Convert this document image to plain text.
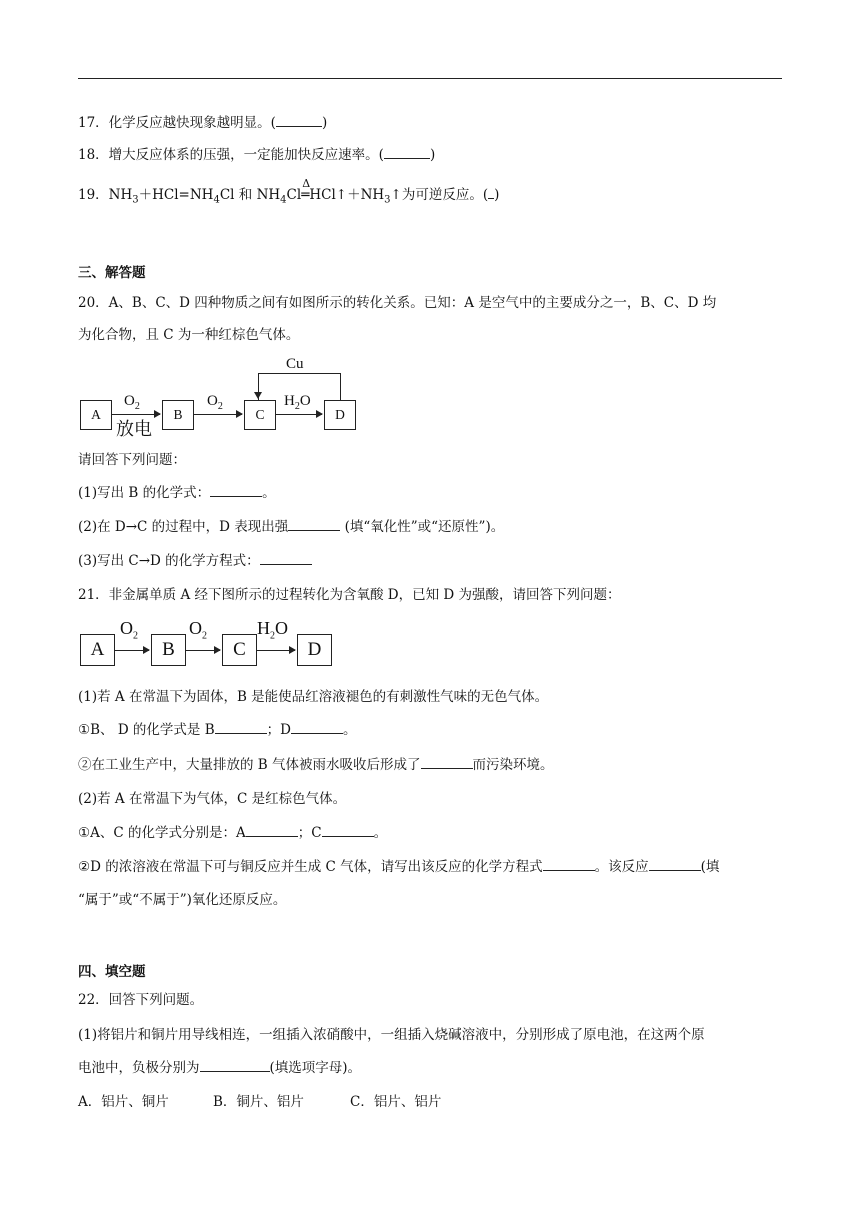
17．化学反应越快现象越明显。(	)
18．增大反应体系的压强，一定能加快反应速率。(	)
19．$NH_3+HCl=NH_4Cl$ 和 $NH_4Cl$
Δ
$═HCl↑+NH_3↑$为可逆反应。( )
三、解答题
20．A、B、C、D 四种物质之间有如图所示的转化关系。已知：A 是空气中的主要成分之一，B、C、D 均
为化合物，且 C 为一种红棕色气体。
A
$O_2$
放电
B
$O_2$
C
$H_2O$
D
Cu
请回答下列问题：
(1)写出 B 的化学式：	。
(2)在 D→C 的过程中，D 表现出强	(填“氧化性”或“还原性”)。
(3)写出 C→D 的化学方程式：
21．非金属单质 A 经下图所示的过程转化为含氧酸 D，已知 D 为强酸，请回答下列问题：
A
$O_2$
B
$O_2$
C
$H_2O$
D
(1)若 A 在常温下为固体，B 是能使品红溶液褪色的有刺激性气味的无色气体。
①B、 D 的化学式是 B	；D	。
②在工业生产中，大量排放的 B 气体被雨水吸收后形成了	而污染环境。
(2)若 A 在常温下为气体，C 是红棕色气体。
①A、C 的化学式分别是：A	；C	。
②D 的浓溶液在常温下可与铜反应并生成 C 气体，请写出该反应的化学方程式	。该反应	(填
“属于”或“不属于”)氧化还原反应。
四、填空题
22．回答下列问题。
(1)将铝片和铜片用导线相连，一组插入浓硝酸中，一组插入烧碱溶液中，分别形成了原电池，在这两个原
电池中，负极分别为	(填选项字母)。
A．铝片、铜片	B．铜片、铝片	C．铝片、铝片
